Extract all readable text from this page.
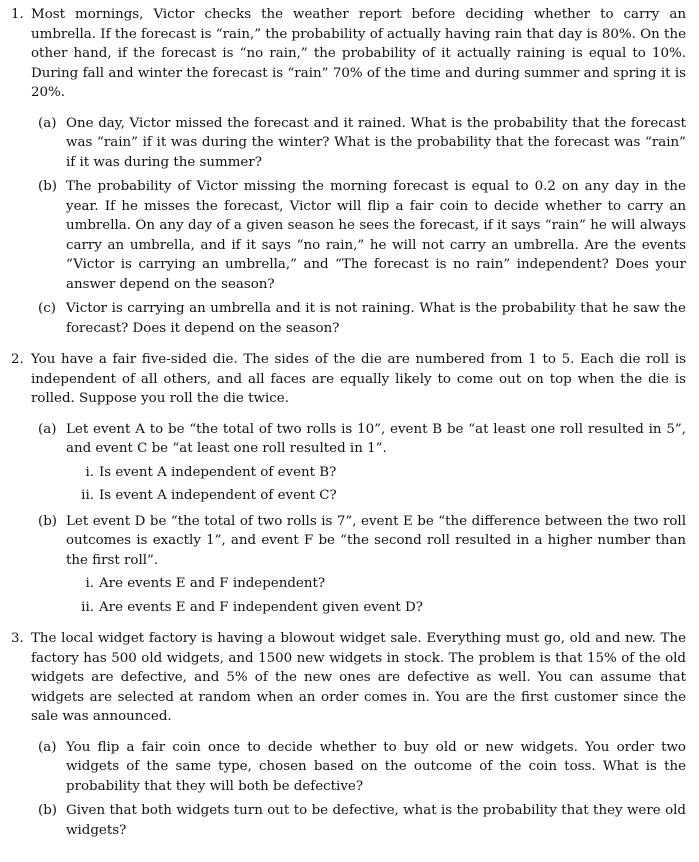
1. Most mornings, Victor checks the weather report before deciding whether to carry an umbrella. If the forecast is “rain,” the probability of actually having rain that day is 80%. On the other hand, if the forecast is “no rain,” the probability of it actually raining is equal to 10%. During fall and winter the forecast is “rain” 70% of the time and during summer and spring it is 20%.

(a) One day, Victor missed the forecast and it rained. What is the probability that the forecast was “rain” if it was during the winter? What is the probability that the forecast was “rain” if it was during the summer?

(b) The probability of Victor missing the morning forecast is equal to 0.2 on any day in the year. If he misses the forecast, Victor will flip a fair coin to decide whether to carry an umbrella. On any day of a given season he sees the forecast, if it says “rain” he will always carry an umbrella, and if it says “no rain,” he will not carry an umbrella. Are the events “Victor is carrying an umbrella,” and “The forecast is no rain” independent? Does your answer depend on the season?

(c) Victor is carrying an umbrella and it is not raining. What is the probability that he saw the forecast? Does it depend on the season?

2. You have a fair five-sided die. The sides of the die are numbered from 1 to 5. Each die roll is independent of all others, and all faces are equally likely to come out on top when the die is rolled. Suppose you roll the die twice.

(a) Let event A to be “the total of two rolls is 10”, event B be “at least one roll resulted in 5”, and event C be “at least one roll resulted in 1”.

i. Is event A independent of event B?

ii. Is event A independent of event C?

(b) Let event D be “the total of two rolls is 7”, event E be “the difference between the two roll outcomes is exactly 1”, and event F be “the second roll resulted in a higher number than the first roll”.

i. Are events E and F independent?

ii. Are events E and F independent given event D?

3. The local widget factory is having a blowout widget sale. Everything must go, old and new. The factory has 500 old widgets, and 1500 new widgets in stock. The problem is that 15% of the old widgets are defective, and 5% of the new ones are defective as well. You can assume that widgets are selected at random when an order comes in. You are the first customer since the sale was announced.

(a) You flip a fair coin once to decide whether to buy old or new widgets. You order two widgets of the same type, chosen based on the outcome of the coin toss. What is the probability that they will both be defective?

(b) Given that both widgets turn out to be defective, what is the probability that they were old widgets?
